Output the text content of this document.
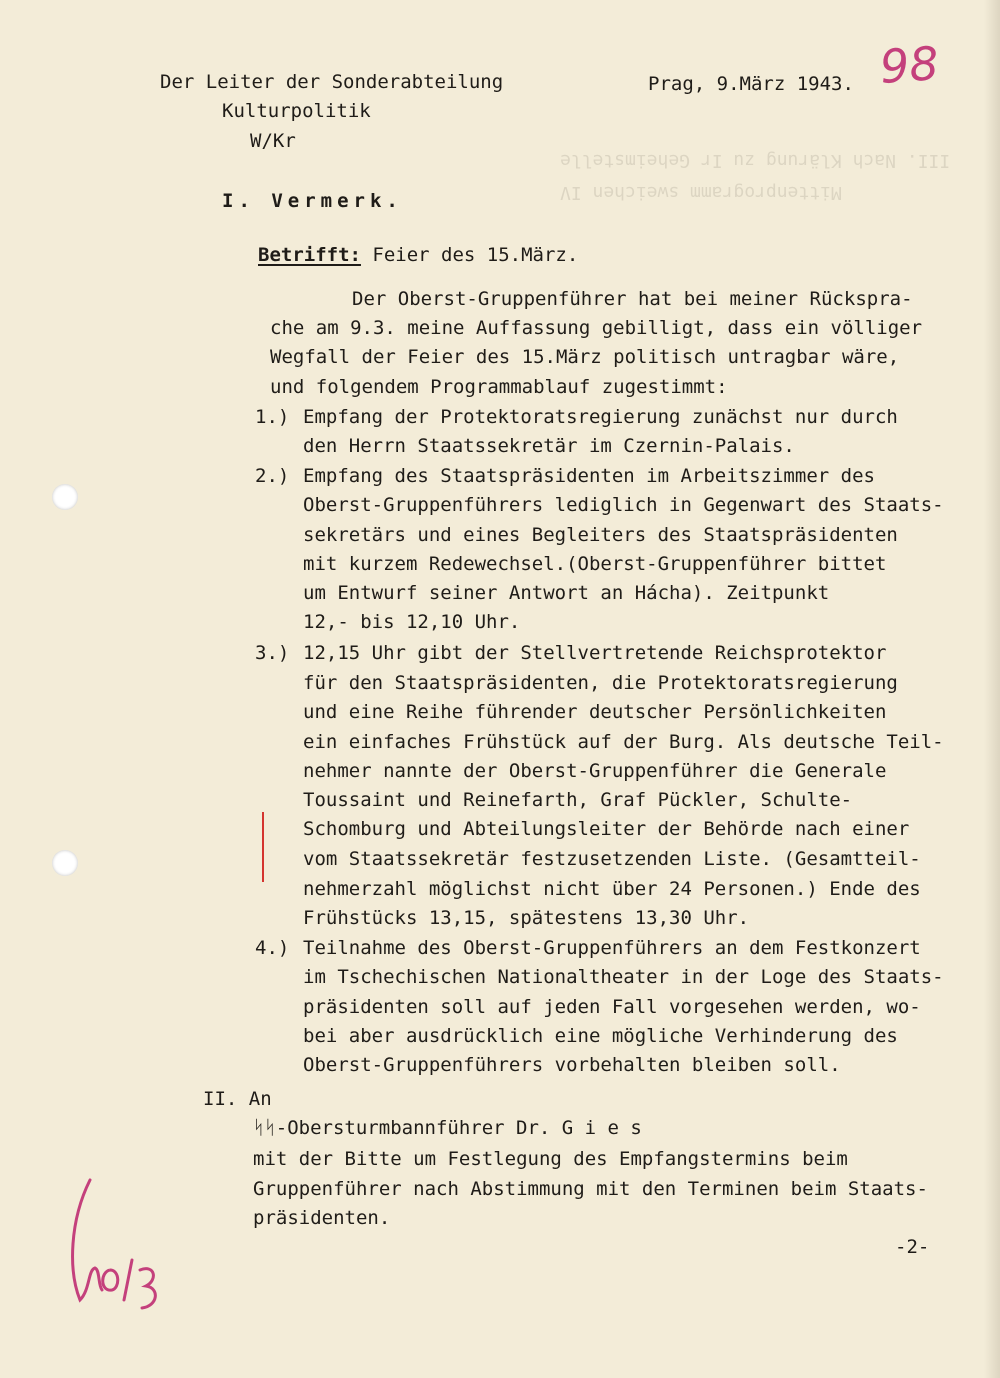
III. Nach Klärung zu Ir Geheimstelle
Mittenprogramm sweichen IV
Der Leiter der Sonderabteilung
Kulturpolitik
W/Kr
Prag, 9.März 1943. 98
I. Vermerk.
Betrifft: Feier des 15.März.
Der Oberst-Gruppenführer hat bei meiner Rückspra-
che am 9.3. meine Auffassung gebilligt, dass ein völliger
Wegfall der Feier des 15.März politisch untragbar wäre,
und folgendem Programmablauf zugestimmt:
1.) Empfang der Protektoratsregierung zunächst nur durch
den Herrn Staatssekretär im Czernin-Palais.
2.) Empfang des Staatspräsidenten im Arbeitszimmer des
Oberst-Gruppenführers lediglich in Gegenwart des Staats-
sekretärs und eines Begleiters des Staatspräsidenten
mit kurzem Redewechsel.(Oberst-Gruppenführer bittet
um Entwurf seiner Antwort an Hácha). Zeitpunkt
12,- bis 12,10 Uhr.
3.) 12,15 Uhr gibt der Stellvertretende Reichsprotektor
für den Staatspräsidenten, die Protektoratsregierung
und eine Reihe führender deutscher Persönlichkeiten
ein einfaches Frühstück auf der Burg. Als deutsche Teil-
nehmer nannte der Oberst-Gruppenführer die Generale
Toussaint und Reinefarth, Graf Pückler, Schulte-
Schomburg und Abteilungsleiter der Behörde nach einer
vom Staatssekretär festzusetzenden Liste. (Gesamtteil-
nehmerzahl möglichst nicht über 24 Personen.) Ende des
Frühstücks 13,15, spätestens 13,30 Uhr.
4.) Teilnahme des Oberst-Gruppenführers an dem Festkonzert
im Tschechischen Nationaltheater in der Loge des Staats-
präsidenten soll auf jeden Fall vorgesehen werden, wo-
bei aber ausdrücklich eine mögliche Verhinderung des
Oberst-Gruppenführers vorbehalten bleiben soll.
II. An
ᛋᛋ-Obersturmbannführer Dr. G i e s
mit der Bitte um Festlegung des Empfangstermins beim
Gruppenführer nach Abstimmung mit den Terminen beim Staats-
präsidenten.
-2-
